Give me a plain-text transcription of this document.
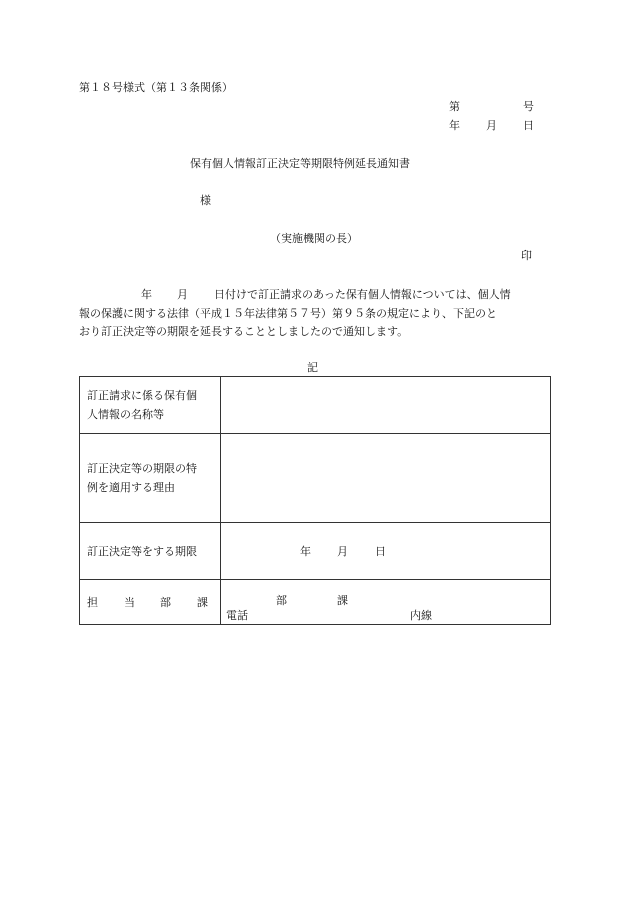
第１８号様式（第１３条関係）
第	号
年 月 日
保有個人情報訂正決定等期限特例延長通知書
様
（実施機関の長）
印
年 月 日付けで訂正請求のあった保有個人情報については、個人情
報の保護に関する法律（平成１５年法律第５７号）第９５条の規定により、下記のと
おり訂正決定等の期限を延長することとしましたので通知します。
記
訂正請求に係る保有個
人情報の名称等	

訂正決定等の期限の特
例を適用する理由	

訂正決定等をする期限	年 月 日

担 当 部 課	部 課
電話 内線
